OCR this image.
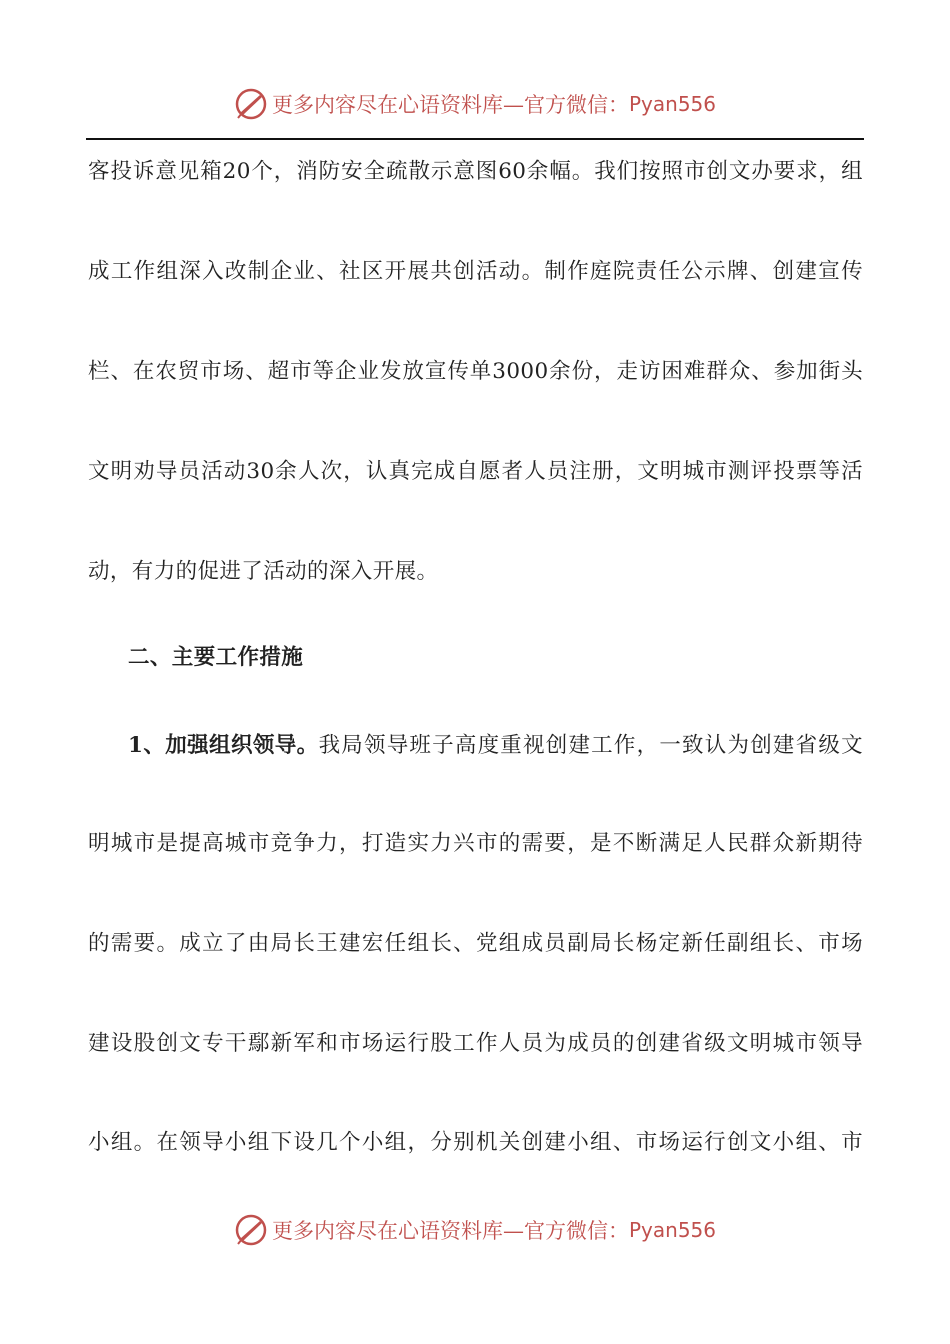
更多内容尽在心语资料库—官方微信： Pyan556
客投诉意见箱20个，消防安全疏散示意图60余幅。我们按照市创文办要求，组
成工作组深入改制企业、社区开展共创活动。制作庭院责任公示牌、创建宣传
栏、在农贸市场、超市等企业发放宣传单3000余份，走访困难群众、参加街头
文明劝导员活动30余人次，认真完成自愿者人员注册，文明城市测评投票等活
动，有力的促进了活动的深入开展。
二、主要工作措施
1、加强组织领导。 我局领导班子高度重视创建工作，一致认为创建省级文
明城市是提高城市竞争力，打造实力兴市的需要，是不断满足人民群众新期待
的需要。成立了由局长王建宏任组长、党组成员副局长杨定新任副组长、市场
建设股创文专干鄢新军和市场运行股工作人员为成员的创建省级文明城市领导
小组。在领导小组下设几个小组，分别机关创建小组、市场运行创文小组、市
更多内容尽在心语资料库—官方微信： Pyan556
